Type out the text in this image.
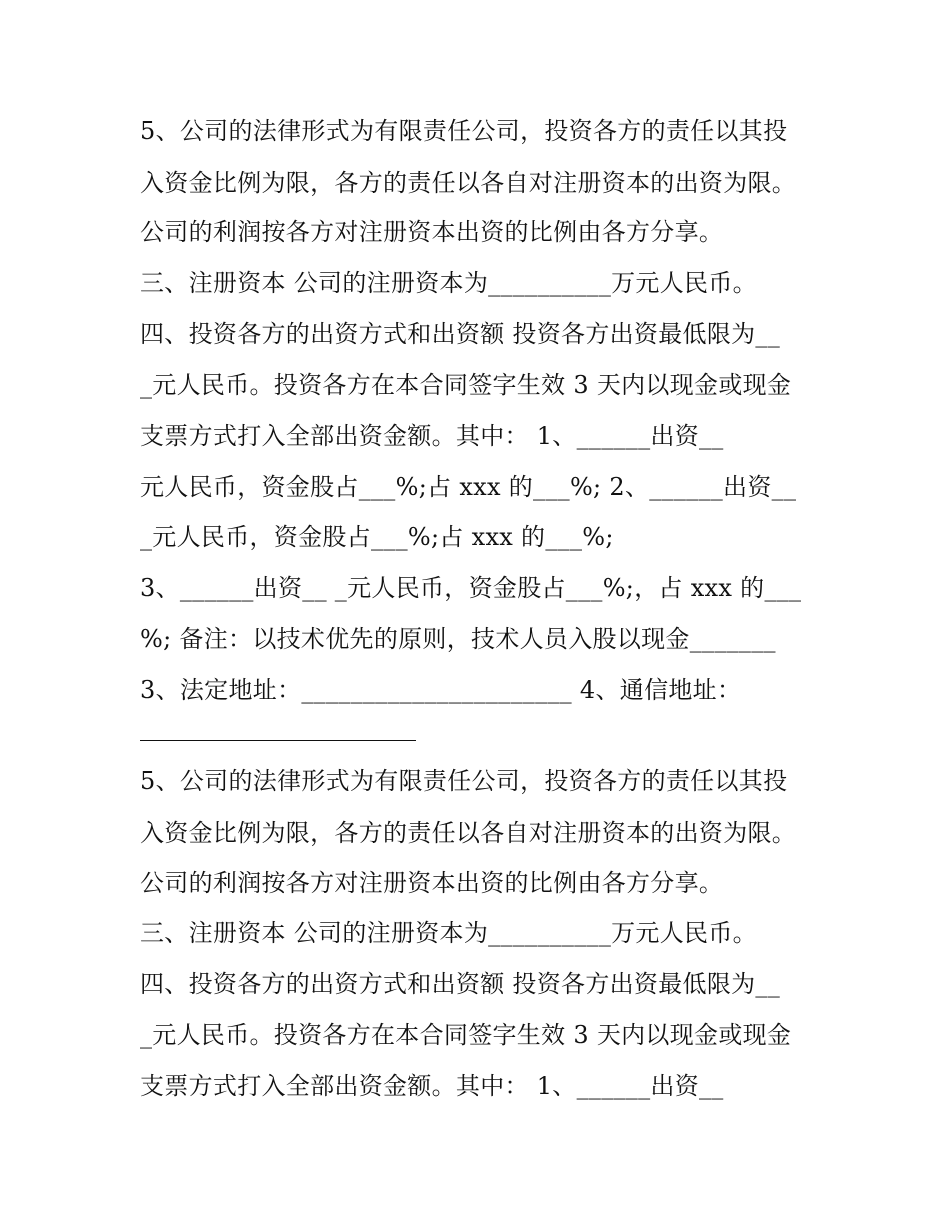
5、公司的法律形式为有限责任公司，投资各方的责任以其投
入资金比例为限，各方的责任以各自对注册资本的出资为限。
公司的利润按各方对注册资本出资的比例由各方分享。
三、注册资本 公司的注册资本为__________万元人民币。
四、投资各方的出资方式和出资额 投资各方出资最低限为__
_元人民币。投资各方在本合同签字生效 3 天内以现金或现金
支票方式打入全部出资金额。其中： 1、______出资__
元人民币，资金股占___%;占 xxx 的___%; 2、______出资__
_元人民币，资金股占___%;占 xxx 的___%;
3、______出资__ _元人民币，资金股占___%;，占 xxx 的___
%; 备注：以技术优先的原则，技术人员入股以现金_______
3、法定地址：______________________ 4、通信地址：
5、公司的法律形式为有限责任公司，投资各方的责任以其投
入资金比例为限，各方的责任以各自对注册资本的出资为限。
公司的利润按各方对注册资本出资的比例由各方分享。
三、注册资本 公司的注册资本为__________万元人民币。
四、投资各方的出资方式和出资额 投资各方出资最低限为__
_元人民币。投资各方在本合同签字生效 3 天内以现金或现金
支票方式打入全部出资金额。其中： 1、______出资__
